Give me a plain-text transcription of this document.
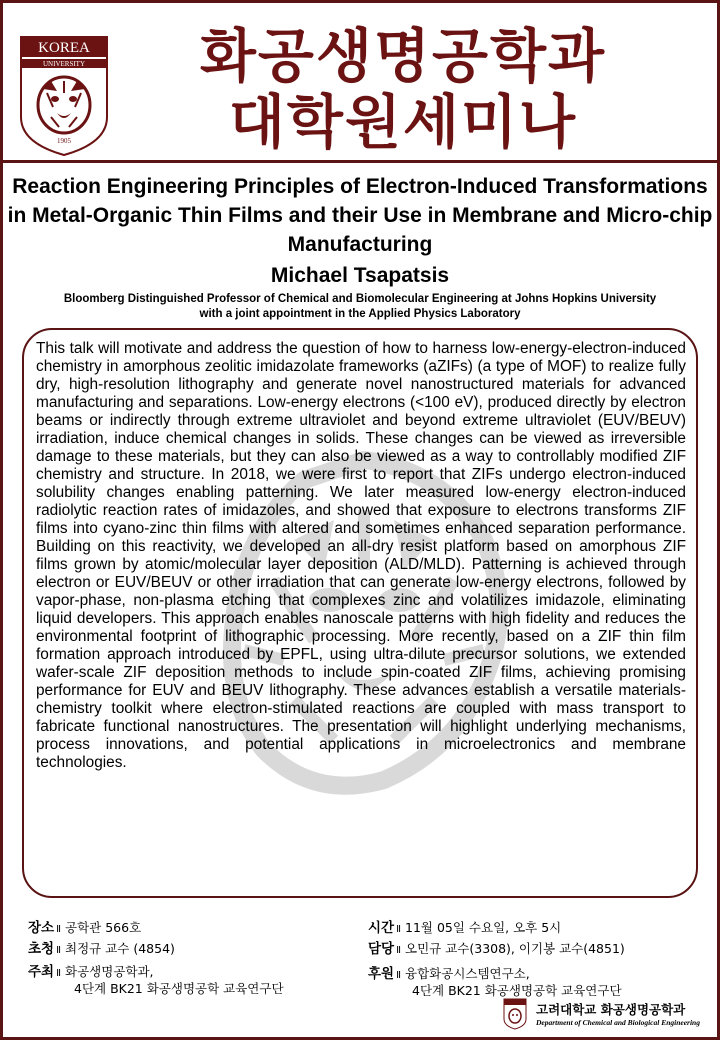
KOREA
UNIVERSITY
1905
화공생명공학과
대학원세미나
Reaction Engineering Principles of Electron-Induced Transformations in Metal-Organic Thin Films and their Use in Membrane and Micro-chip Manufacturing
Michael Tsapatsis
Bloomberg Distinguished Professor of Chemical and Biomolecular Engineering at Johns Hopkins University
with a joint appointment in the Applied Physics Laboratory
This talk will motivate and address the question of how to harness low-energy-electron-induced chemistry in amorphous zeolitic imidazolate frameworks (aZIFs) (a type of MOF) to realize fully dry, high-resolution lithography and generate novel nanostructured materials for advanced manufacturing and separations. Low-energy electrons (<100 eV), produced directly by electron beams or indirectly through extreme ultraviolet and beyond extreme ultraviolet (EUV/BEUV) irradiation, induce chemical changes in solids. These changes can be viewed as irreversible damage to these materials, but they can also be viewed as a way to controllably modified ZIF chemistry and structure. In 2018, we were first to report that ZIFs undergo electron-induced solubility changes enabling patterning. We later measured low-energy electron-induced radiolytic reaction rates of imidazoles, and showed that exposure to electrons transforms ZIF films into cyano-zinc thin films with altered and sometimes enhanced separation performance. Building on this reactivity, we developed an all-dry resist platform based on amorphous ZIF films grown by atomic/molecular layer deposition (ALD/MLD). Patterning is achieved through electron or EUV/BEUV or other irradiation that can generate low-energy electrons, followed by vapor-phase, non-plasma etching that complexes zinc and volatilizes imidazole, eliminating liquid developers. This approach enables nanoscale patterns with high fidelity and reduces the environmental footprint of lithographic processing. More recently, based on a ZIF thin film formation approach introduced by EPFL, using ultra-dilute precursor solutions, we extended wafer-scale ZIF deposition methods to include spin-coated ZIF films, achieving promising performance for EUV and BEUV lithography. These advances establish a versatile materials-chemistry toolkit where electron-stimulated reactions are coupled with mass transport to fabricate functional nanostructures. The presentation will highlight underlying mechanisms, process innovations, and potential applications in microelectronics and membrane technologies.
장소 Ⅱ 공학관 566호
초청 Ⅱ 최정규 교수 (4854)
주최 Ⅱ 화공생명공학과,
4단계 BK21 화공생명공학 교육연구단
시간 Ⅱ 11월 05일 수요일, 오후 5시
담당 Ⅱ 오민규 교수(3308), 이기봉 교수(4851)
후원 Ⅱ 융합화공시스템연구소,
4단계 BK21 화공생명공학 교육연구단
고려대학교 화공생명공학과
Department of Chemical and Biological Engineering
